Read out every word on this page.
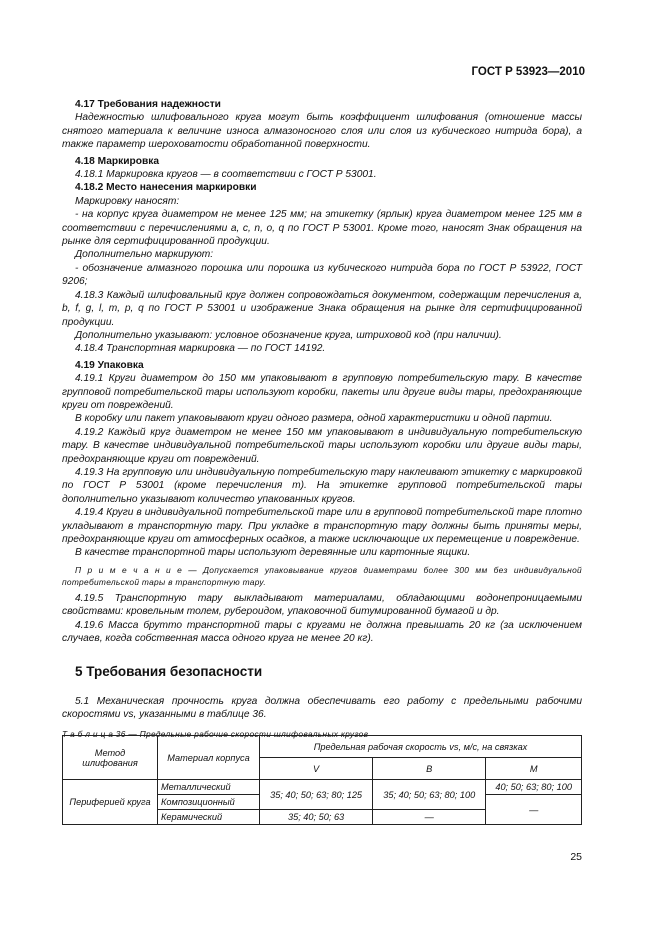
ГОСТ Р 53923—2010

4.17 Требования надежности

Надежностью шлифовального круга могут быть коэффициент шлифования (отношение массы снятого материала к величине износа алмазоносного слоя или слоя из кубического нитрида бора), а также параметр шероховатости обработанной поверхности.

4.18 Маркировка

4.18.1 Маркировка кругов — в соответствии с ГОСТ Р 53001.

4.18.2 Место нанесения маркировки

Маркировку наносят:

- на корпус круга диаметром не менее 125 мм; на этикетку (ярлык) круга диаметром менее 125 мм в соответствии с перечислениями a, c, n, o, q по ГОСТ Р 53001. Кроме того, наносят Знак обращения на рынке для сертифицированной продукции.

Дополнительно маркируют:

- обозначение алмазного порошка или порошка из кубического нитрида бора по ГОСТ Р 53922, ГОСТ 9206;

4.18.3 Каждый шлифовальный круг должен сопровождаться документом, содержащим перечисления a, b, f, g, l, m, p, q по ГОСТ Р 53001 и изображение Знака обращения на рынке для сертифицированной продукции.

Дополнительно указывают: условное обозначение круга, штриховой код (при наличии).

4.18.4 Транспортная маркировка — по ГОСТ 14192.

4.19 Упаковка

4.19.1 Круги диаметром до 150 мм упаковывают в групповую потребительскую тару. В качестве групповой потребительской тары используют коробки, пакеты или другие виды тары, предохраняющие круги от повреждений.

В коробку или пакет упаковывают круги одного размера, одной характеристики и одной партии.

4.19.2 Каждый круг диаметром не менее 150 мм упаковывают в индивидуальную потребительскую тару. В качестве индивидуальной потребительской тары используют коробки или другие виды тары, предохраняющие круги от повреждений.

4.19.3 На групповую или индивидуальную потребительскую тару наклеивают этикетку с маркировкой по ГОСТ Р 53001 (кроме перечисления m). На этикетке групповой потребительской тары дополнительно указывают количество упакованных кругов.

4.19.4 Круги в индивидуальной потребительской таре или в групповой потребительской таре плотно укладывают в транспортную тару. При укладке в транспортную тару должны быть приняты меры, предохраняющие круги от атмосферных осадков, а также исключающие их перемещение и повреждение.

В качестве транспортной тары используют деревянные или картонные ящики.

П р и м е ч а н и е — Допускается упаковывание кругов диаметрами более 300 мм без индивидуальной потребительской тары в транспортную тару.

4.19.5 Транспортную тару выкладывают материалами, обладающими водонепроницаемыми свойствами: кровельным толем, рубероидом, упаковочной битумированной бумагой и др.

4.19.6 Масса брутто транспортной тары с кругами не должна превышать 20 кг (за исключением случаев, когда собственная масса одного круга не менее 20 кг).

5 Требования безопасности

5.1 Механическая прочность круга должна обеспечивать его работу с предельными рабочими скоростями vs, указанными в таблице 36.

Т а б л и ц а 36 — Предельные рабочие скорости шлифовальных кругов

Метод шлифования	Материал корпуса	Предельная рабочая скорость vs, м/с, на связках		
		V	B	M
Периферией круга	Металлический	35; 40; 50; 63; 80; 125	35; 40; 50; 63; 80; 100	40; 50; 63; 80; 100
	Композиционный			—
	Керамический	35; 40; 50; 63	—	
25
